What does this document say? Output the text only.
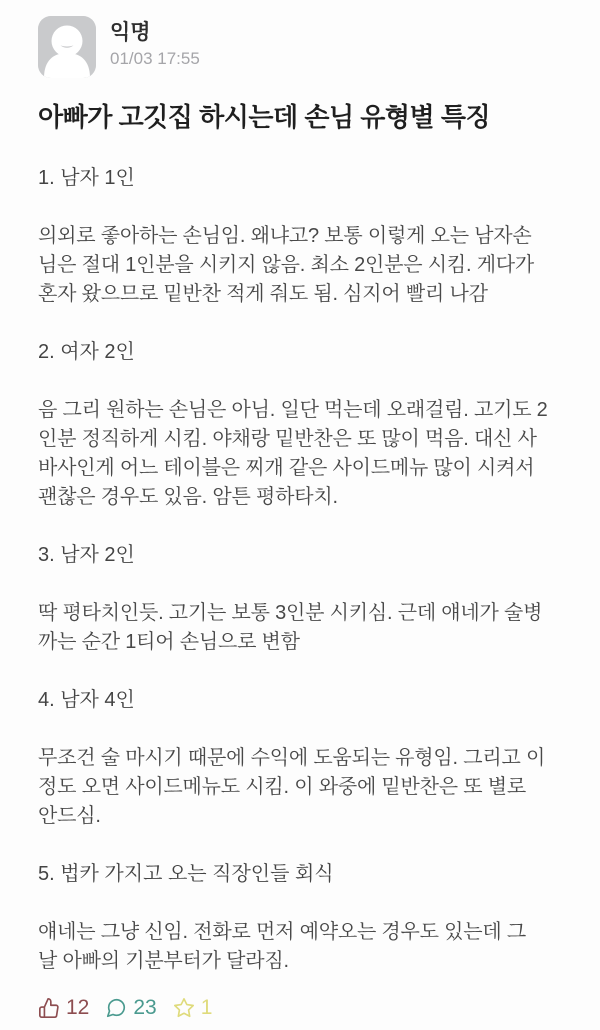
익명
01/03 17:55
아빠가 고깃집 하시는데 손님 유형별 특징
1. 남자 1인
의외로 좋아하는 손님임. 왜냐고? 보통 이렇게 오는 남자손님은 절대 1인분을 시키지 않음. 최소 2인분은 시킴. 게다가 혼자 왔으므로 밑반찬 적게 줘도 됨. 심지어 빨리 나감
2. 여자 2인
음 그리 원하는 손님은 아님. 일단 먹는데 오래걸림. 고기도 2인분 정직하게 시킴. 야채랑 밑반찬은 또 많이 먹음. 대신 사바사인게 어느 테이블은 찌개 같은 사이드메뉴 많이 시켜서 괜찮은 경우도 있음. 암튼 평하타치.
3. 남자 2인
딱 평타치인듯. 고기는 보통 3인분 시키심. 근데 얘네가 술병 까는 순간 1티어 손님으로 변함
4. 남자 4인
무조건 술 마시기 때문에 수익에 도움되는 유형임. 그리고 이 정도 오면 사이드메뉴도 시킴. 이 와중에 밑반찬은 또 별로 안드심.
5. 법카 가지고 오는 직장인들 회식
얘네는 그냥 신임. 전화로 먼저 예약오는 경우도 있는데 그 날 아빠의 기분부터가 달라짐.
12 23 1
